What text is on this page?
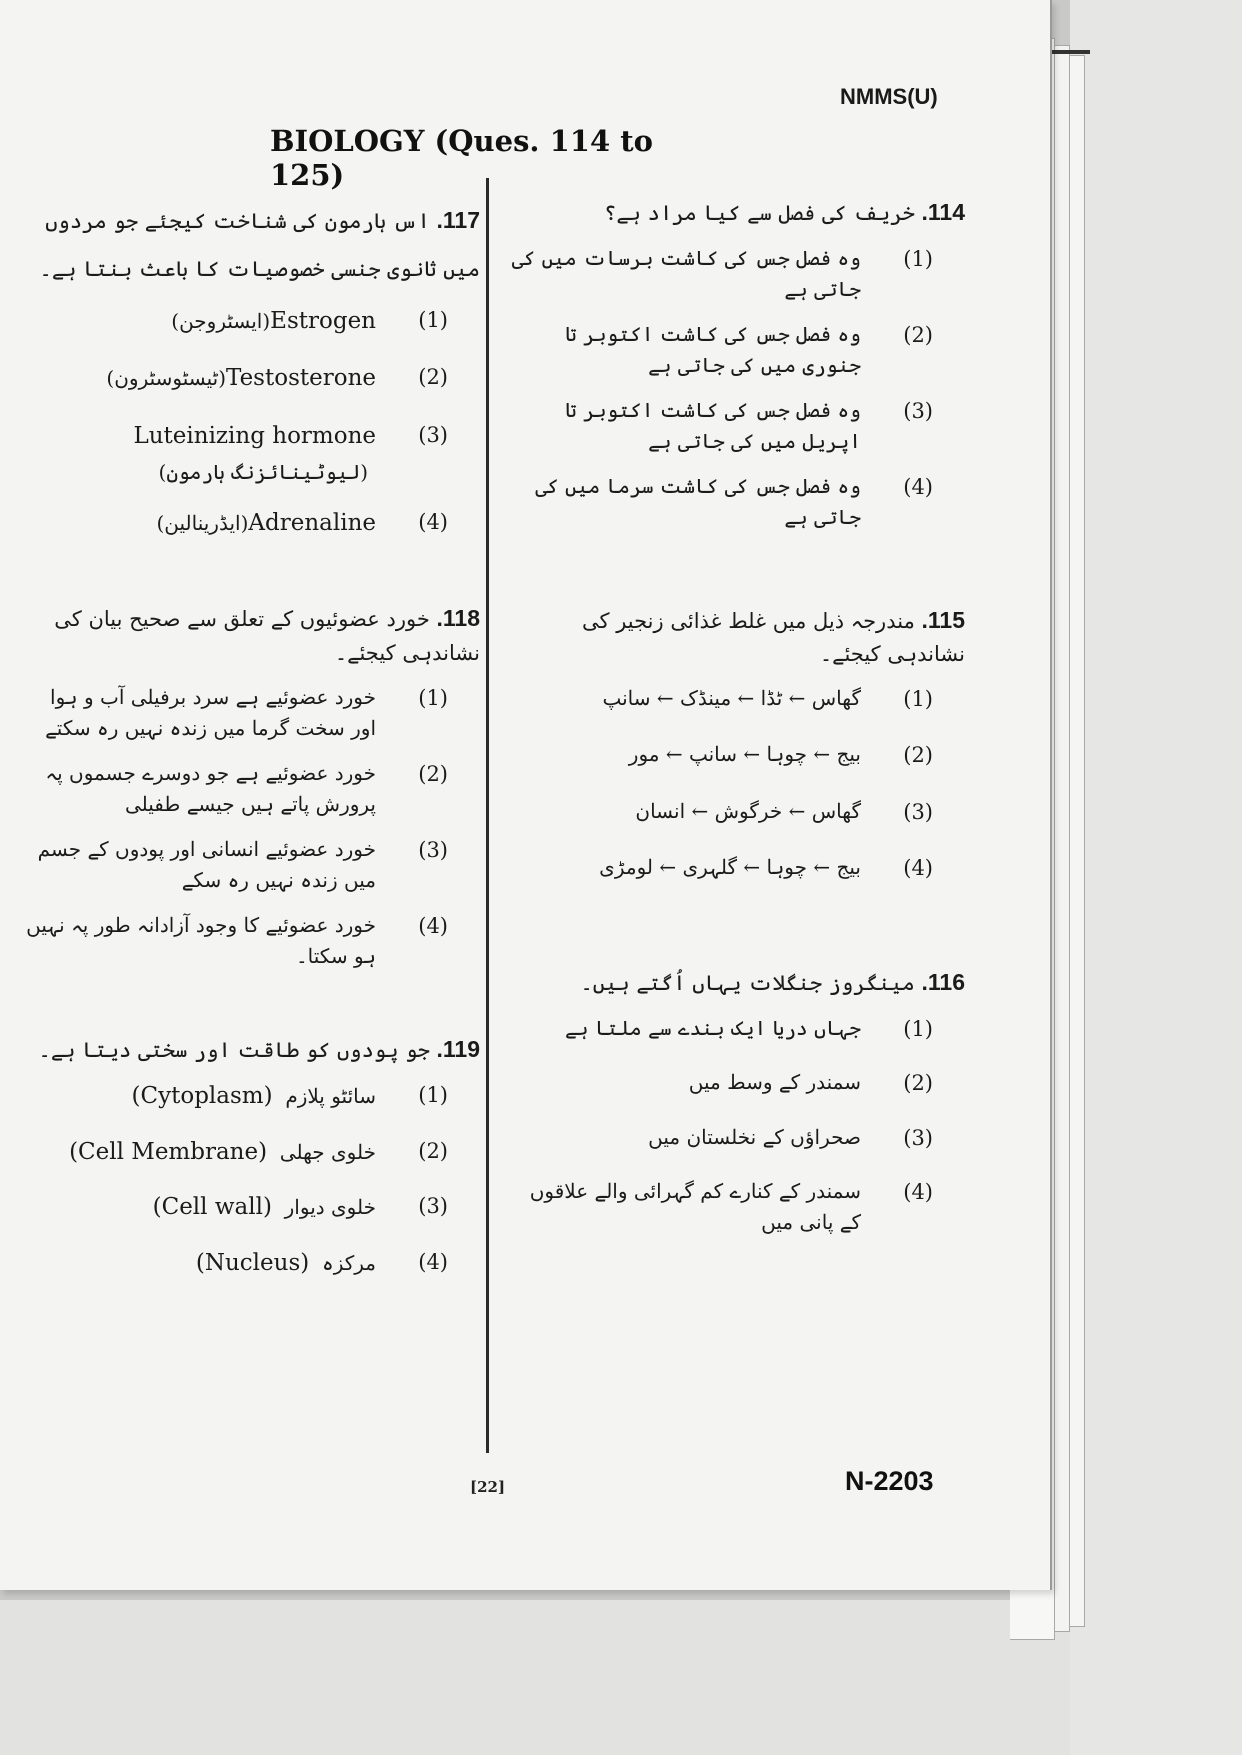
NMMS(U)
BIOLOGY (Ques. 114 to 125)
114. خریف کی فصل سے کیا مراد ہے؟
(1)
وہ فصل جس کی کاشت برسات میں کی جاتی ہے
(2)
وہ فصل جس کی کاشت اکتوبر تا جنوری میں کی جاتی ہے
(3)
وہ فصل جس کی کاشت اکتوبر تا اپریل میں کی جاتی ہے
(4)
وہ فصل جس کی کاشت سرما میں کی جاتی ہے
115. مندرجہ ذیل میں غلط غذائی زنجیر کی نشاندہی کیجئے۔
(1)
گھاس ← ٹڈا ← مینڈک ← سانپ
(2)
بیج ← چوہا ← سانپ ← مور
(3)
گھاس ← خرگوش ← انسان
(4)
بیج ← چوہا ← گلہری ← لومڑی
116. مینگروز جنگلات یہاں اُگتے ہیں۔
(1)
جہاں دریا ایک بندے سے ملتا ہے
(2)
سمندر کے وسط میں
(3)
صحراؤں کے نخلستان میں
(4)
سمندر کے کنارے کم گہرائی والے علاقوں کے پانی میں
117. اس ہارمون کی شناخت کیجئے جو مردوں میں ثانوی جنسی خصوصیات کا باعث بنتا ہے۔
(1)
Estrogen(ایسٹروجن)
(2)
Testosterone(ٹیسٹوسٹرون)
(3)
Luteinizing hormone
(لیوٹینائزنگ ہارمون)
(4)
Adrenaline(ایڈرینالین)
118. خورد عضوئیوں کے تعلق سے صحیح بیان کی نشاندہی کیجئے۔
(1)
خورد عضوئیے ہے سرد برفیلی آب و ہوا اور سخت گرما میں زندہ نہیں رہ سکتے
(2)
خورد عضوئیے ہے جو دوسرے جسموں پہ پرورش پاتے ہیں جیسے طفیلی
(3)
خورد عضوئیے انسانی اور پودوں کے جسم میں زندہ نہیں رہ سکے
(4)
خورد عضوئیے کا وجود آزادانہ طور پہ نہیں ہو سکتا۔
119. جو پودوں کو طاقت اور سختی دیتا ہے۔
(1)
سائٹو پلازم  (Cytoplasm)
(2)
خلوی جھلی  (Cell Membrane)
(3)
خلوی دیوار  (Cell wall)
(4)
مرکزہ  (Nucleus)
[22]	N-2203
